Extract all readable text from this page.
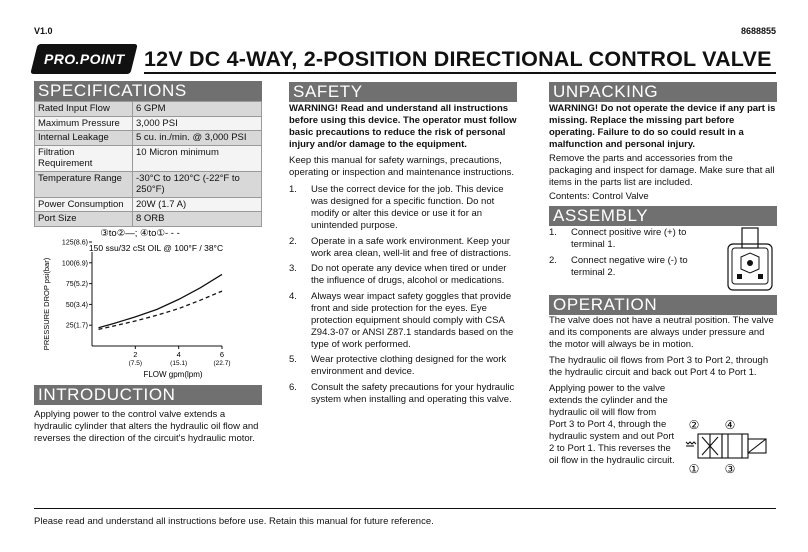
V1.0	8688855
PRO.POINT 12V DC 4-WAY, 2-POSITION DIRECTIONAL CONTROL VALVE
SPECIFICATIONS
Rated Input Flow	6 GPM
Maximum Pressure	3,000 PSI
Internal Leakage	5 cu. in./min. @ 3,000 PSI
Filtration Requirement	10 Micron minimum
Temperature Range	-30°C to 120°C (-22°F to 250°F)
Power Consumption	20W (1.7 A)
Port Size	8 ORB
③to②—; ④to①- - -
150 ssu/32 cSt OIL @ 100°F / 38°C
PRESSURE DROP psi(bar)
FLOW gpm(lpm)
25(1.7)
50(3.4)
75(5.2)
100(6.9)
125(8.6)
2
(7.5)
4
(15.1)
6
(22.7)
INTRODUCTION

Applying power to the control valve extends a hydraulic cylinder that alters the hydraulic oil flow and reverses the direction of the circuit's hydraulic motor.

SAFETY

WARNING! Read and understand all instructions before using this device. The operator must follow basic precautions to reduce the risk of personal injury and/or damage to the equipment.

Keep this manual for safety warnings, precautions, operating or inspection and maintenance instructions.

1.	Use the correct device for the job. This device was designed for a specific function. Do not modify or alter this device or use it for an unintended purpose.
2.	Operate in a safe work environment. Keep your work area clean, well-lit and free of distractions.
3.	Do not operate any device when tired or under the influence of drugs, alcohol or medications.
4.	Always wear impact safety goggles that provide front and side protection for the eyes. Eye protection equipment should comply with CSA Z94.3-07 or ANSI Z87.1 standards based on the type of work performed.
5.	Wear protective clothing designed for the work environment and device.
6.	Consult the safety precautions for your hydraulic system when installing and operating this valve.
UNPACKING

WARNING! Do not operate the device if any part is missing. Replace the missing part before operating. Failure to do so could result in a malfunction and personal injury.

Remove the parts and accessories from the packaging and inspect for damage. Make sure that all items in the parts list are included.

Contents: Control Valve

ASSEMBLY
1.	Connect positive wire (+) to terminal 1.
2.	Connect negative wire (-) to terminal 2.
OPERATION

The valve does not have a neutral position. The valve and its components are always under pressure and the motor will always be in motion.

The hydraulic oil flows from Port 3 to Port 2, through the hydraulic circuit and back out Port 4 to Port 1.

Applying power to the valve extends the cylinder and the hydraulic oil will flow from Port 3 to Port 4, through the hydraulic system and out Port 2 to Port 1. This reverses the oil flow in the hydraulic circuit.

② ④
① ③
Please read and understand all instructions before use. Retain this manual for future reference.
